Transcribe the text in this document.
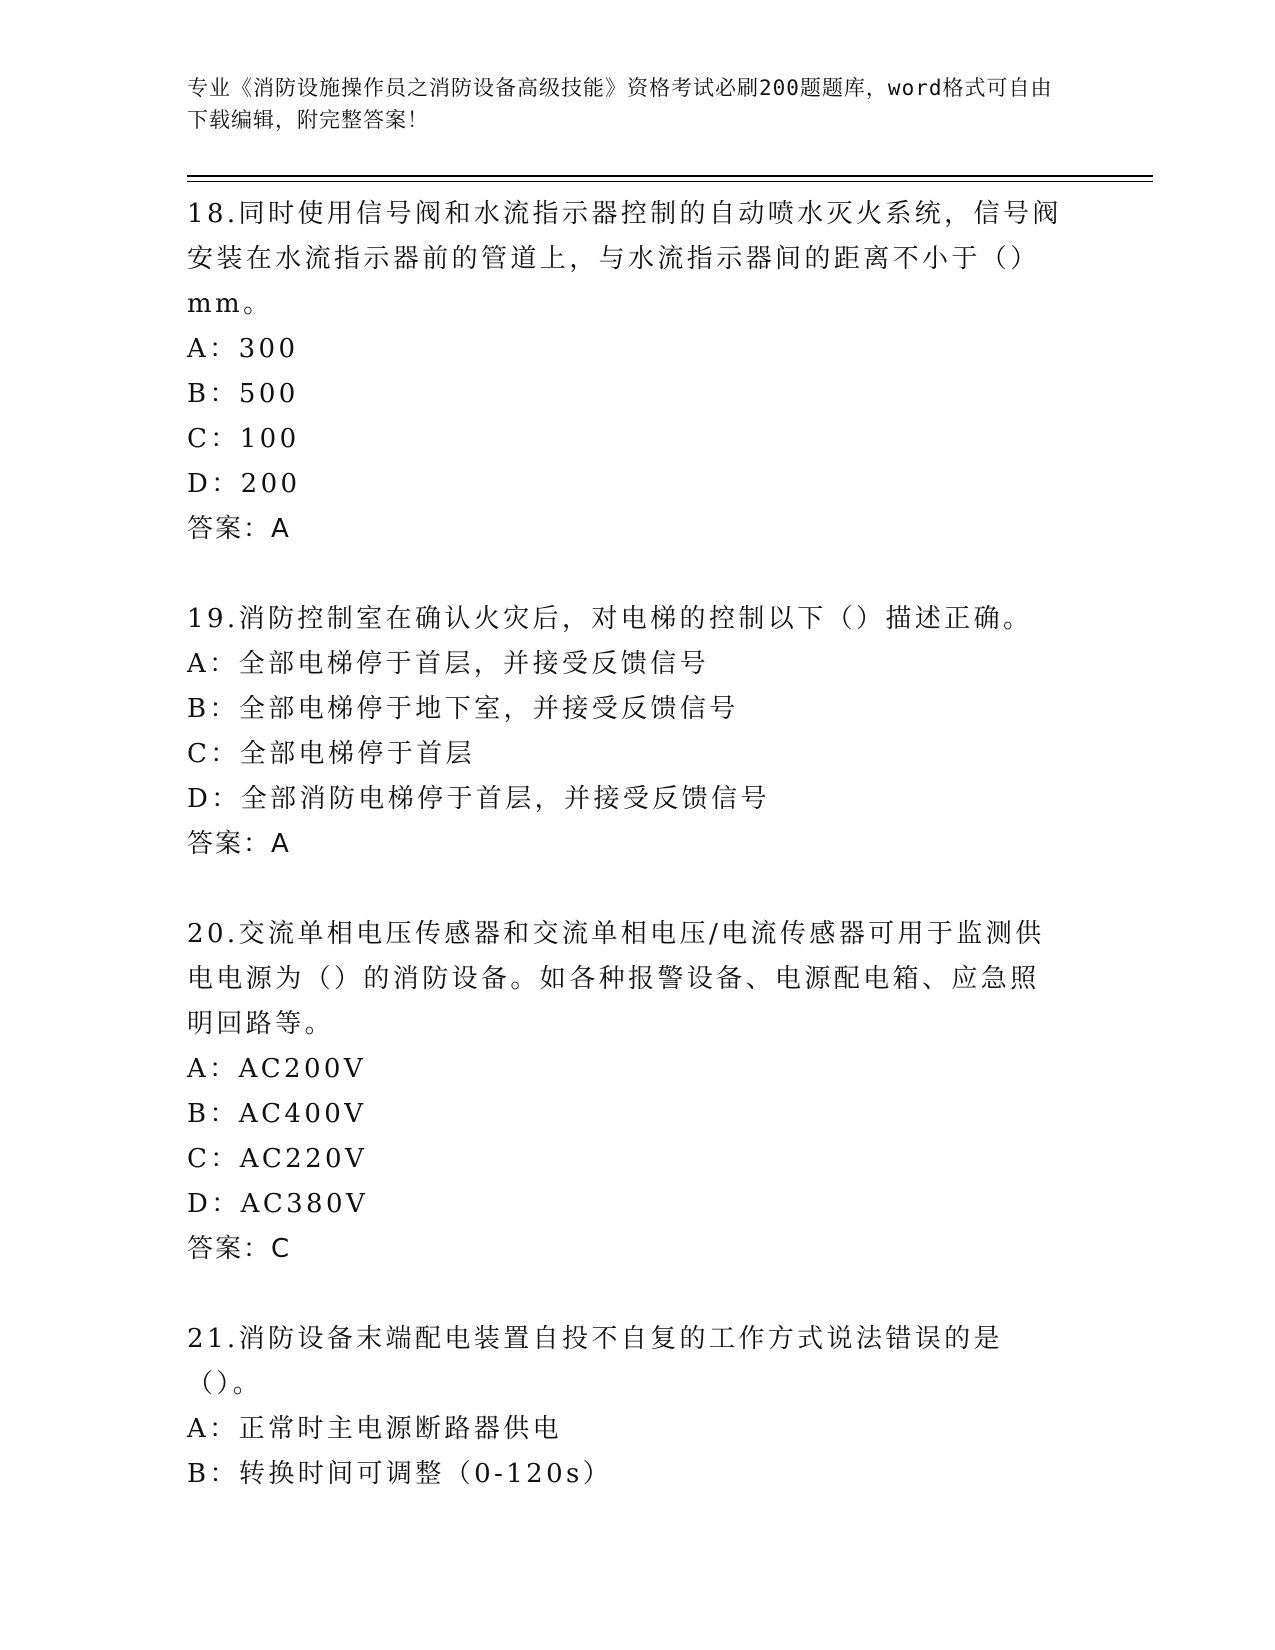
专业《消防设施操作员之消防设备高级技能》资格考试必刷200题题库，word格式可自由下载编辑，附完整答案！

18.同时使用信号阀和水流指示器控制的自动喷水灭火系统，信号阀安装在水流指示器前的管道上，与水流指示器间的距离不小于（）mm。

A：300

B：500

C：100

D：200

答案：A

19.消防控制室在确认火灾后，对电梯的控制以下（）描述正确。

A：全部电梯停于首层，并接受反馈信号

B：全部电梯停于地下室，并接受反馈信号

C：全部电梯停于首层

D：全部消防电梯停于首层，并接受反馈信号

答案：A

20.交流单相电压传感器和交流单相电压/电流传感器可用于监测供电电源为（）的消防设备。如各种报警设备、电源配电箱、应急照明回路等。

A：AC200V

B：AC400V

C：AC220V

D：AC380V

答案：C

21.消防设备末端配电装置自投不自复的工作方式说法错误的是（）。

A：正常时主电源断路器供电

B：转换时间可调整（0-120s）
